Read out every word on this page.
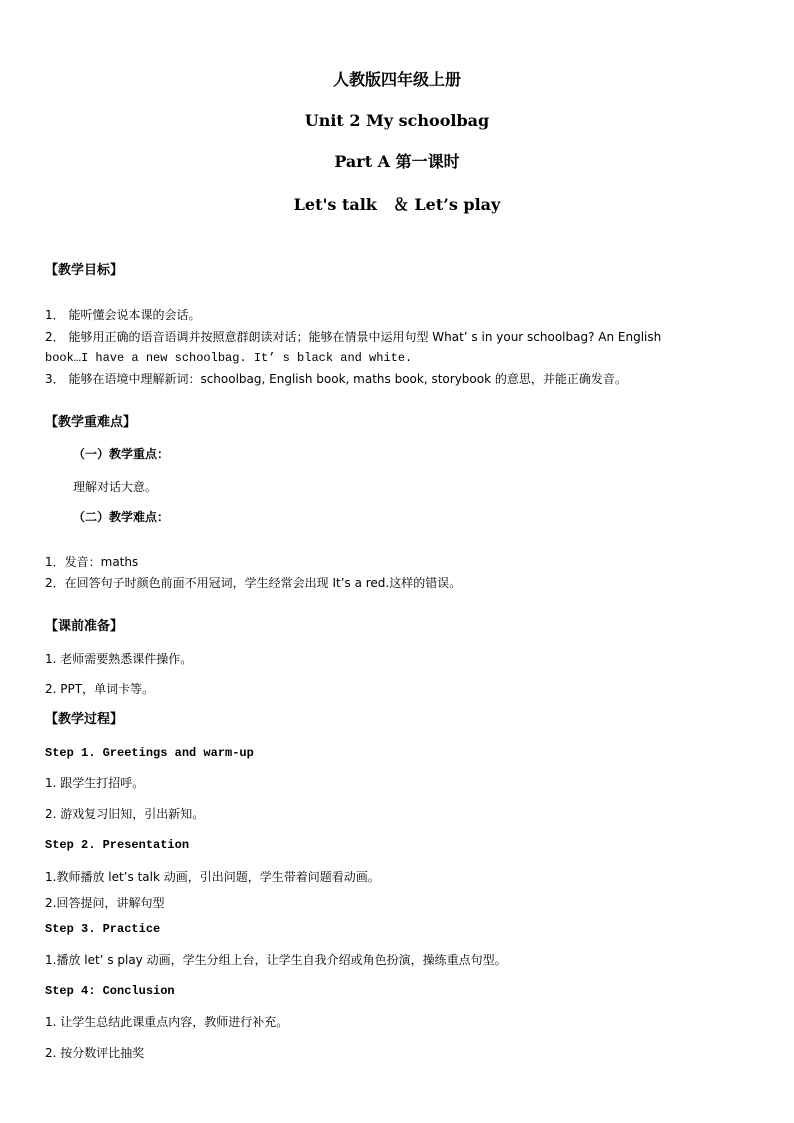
人教版四年级上册
Unit 2 My schoolbag
Part A 第一课时
Let's talk　＆ Let’s play
【教学目标】
1． 能听懂会说本课的会话。
2． 能够用正确的语音语调并按照意群朗读对话；能够在情景中运用句型 What’ s in your schoolbag? An English
book…I have a new schoolbag. It’ s black and white.
3． 能够在语境中理解新词：schoolbag, English book, maths book, storybook 的意思，并能正确发音。
【教学重难点】
（一）教学重点：
理解对话大意。
（二）教学难点：
1．发音：maths
2．在回答句子时颜色前面不用冠词，学生经常会出现 It’s a red.这样的错误。
【课前准备】
1. 老师需要熟悉课件操作。
2. PPT，单词卡等。
【教学过程】
Step 1. Greetings and warm-up
1. 跟学生打招呼。
2. 游戏复习旧知，引出新知。
Step 2. Presentation
1.教师播放 let’s talk 动画，引出问题，学生带着问题看动画。
2.回答提问，讲解句型
Step 3. Practice
1.播放 let’ s play 动画，学生分组上台，让学生自我介绍或角色扮演，操练重点句型。
Step 4: Conclusion
1. 让学生总结此课重点内容，教师进行补充。
2. 按分数评比抽奖
